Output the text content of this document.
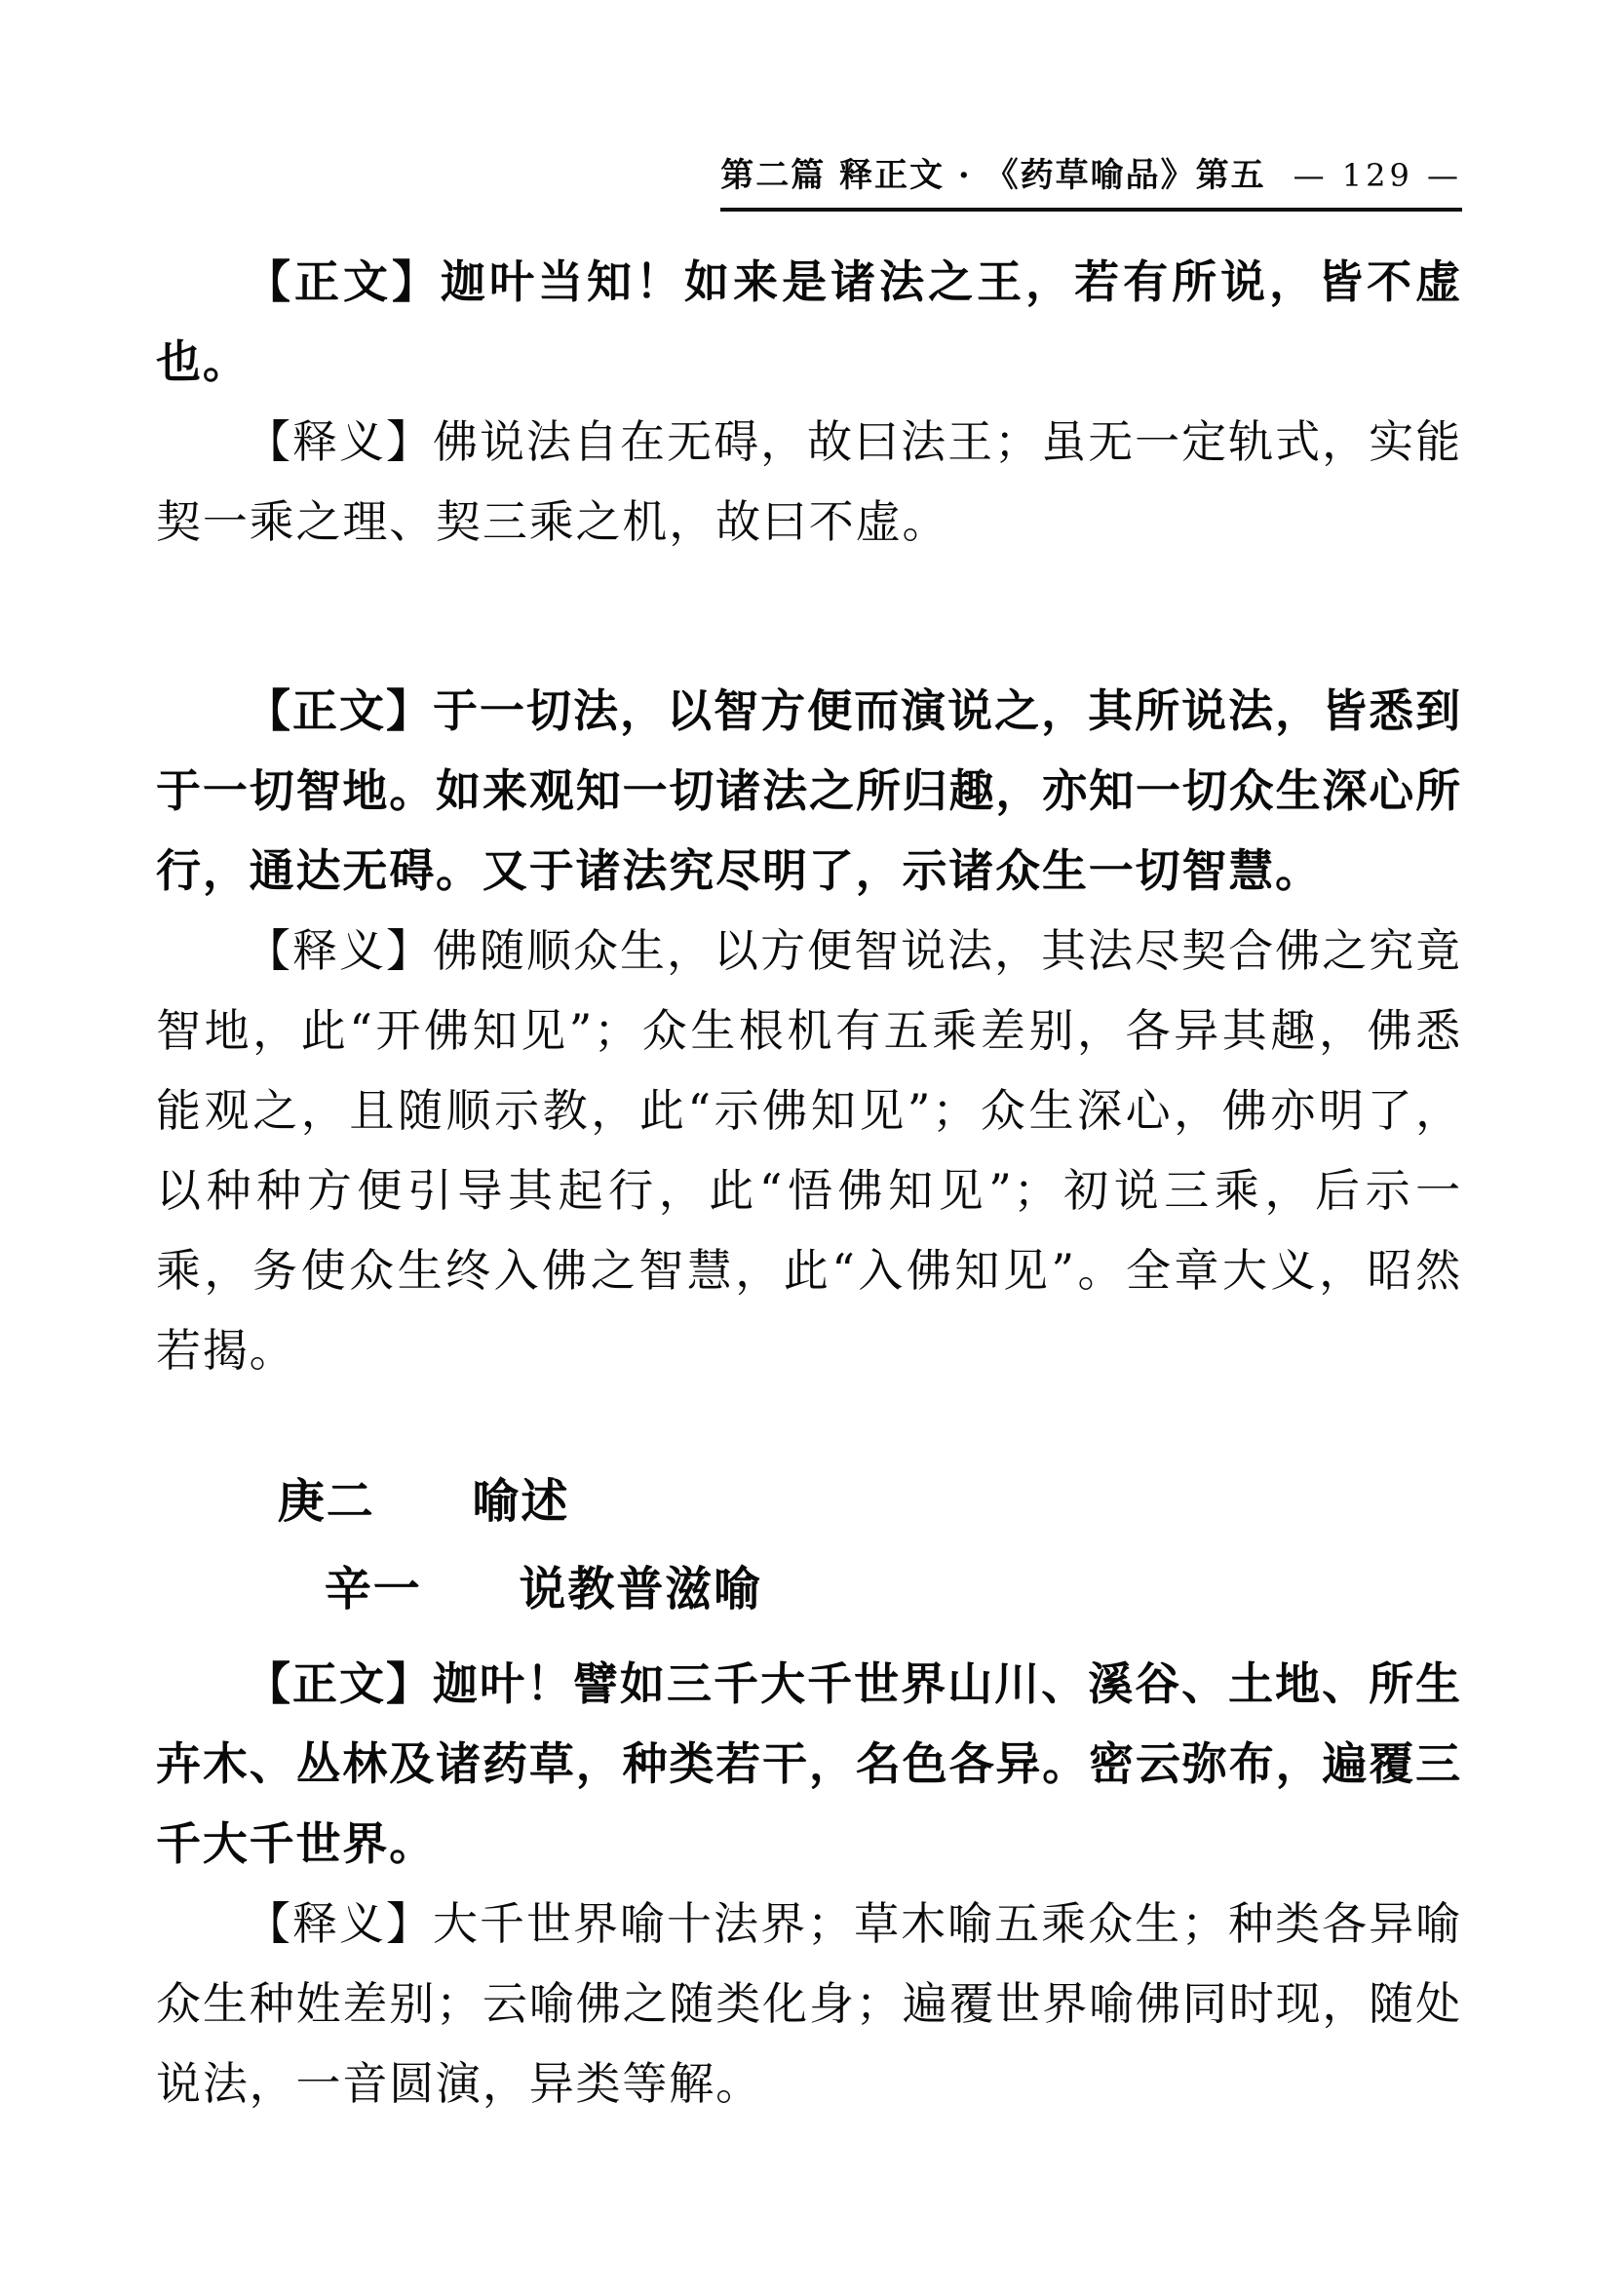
第二篇 释正文 · 《药草喻品》第五 — 129 —

【正文】迦叶当知！如来是诸法之王，若有所说，皆不虚也。

【释义】佛说法自在无碍，故曰法王；虽无一定轨式，实能契一乘之理、契三乘之机，故曰不虚。

【正文】于一切法，以智方便而演说之，其所说法，皆悉到于一切智地。如来观知一切诸法之所归趣，亦知一切众生深心所行，通达无碍。又于诸法究尽明了，示诸众生一切智慧。

【释义】佛随顺众生，以方便智说法，其法尽契合佛之究竟智地，此“开佛知见”；众生根机有五乘差别，各异其趣，佛悉能观之，且随顺示教，此“示佛知见”；众生深心，佛亦明了，以种种方便引导其起行，此“悟佛知见”；初说三乘，后示一乘，务使众生终入佛之智慧，此“入佛知见”。全章大义，昭然若揭。

庚二　　喻述

辛一　　说教普滋喻

【正文】迦叶！譬如三千大千世界山川、溪谷、土地、所生卉木、丛林及诸药草，种类若干，名色各异。密云弥布，遍覆三千大千世界。

【释义】大千世界喻十法界；草木喻五乘众生；种类各异喻众生种姓差别；云喻佛之随类化身；遍覆世界喻佛同时现，随处说法，一音圆演，异类等解。
